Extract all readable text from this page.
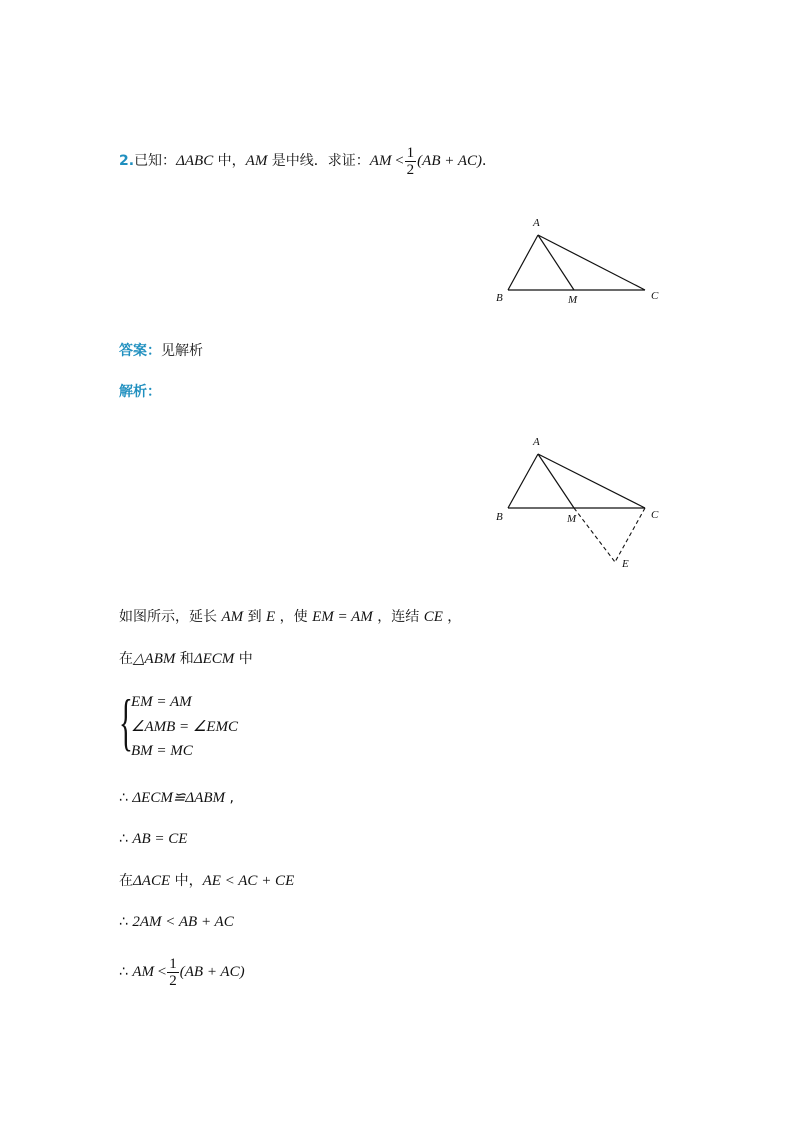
2.已知：ΔABC 中，AM 是中线．求证：AM < $\frac{1}{2} (AB + AC)$．
A
B	M	C
答案：见解析
解析：
A
B	M	C
E
如图所示，延长 AM 到 E ，使 EM = AM ，连结 CE ，
在△ABM 和ΔECM 中
{
EM = AM
∠AMB = ∠EMC
BM = MC
∴ ΔECM≌ΔABM ,
∴ AB = CE
在ΔACE 中，AE < AC + CE
∴ 2AM < AB + AC
∴ AM < $\frac{1}{2} (AB + AC)$
